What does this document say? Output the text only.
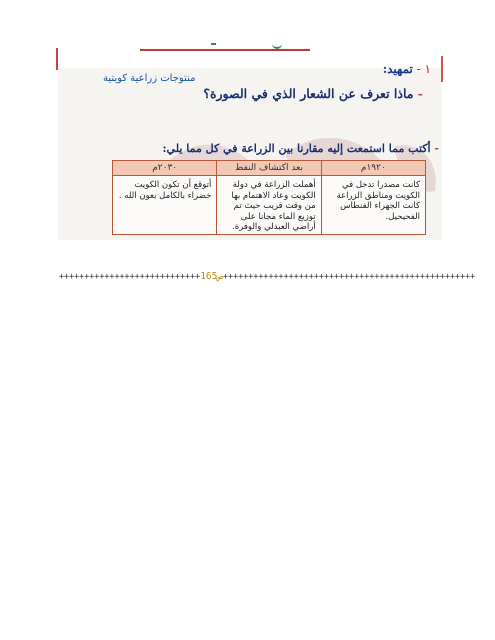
١ - تمهيد:
منتوجات زراعية كويتية
- ماذا تعرف عن الشعار الذي في الصورة؟
- أكتب مما استمعت إليه مقارنا بين الزراعة في كل مما يلي:
١٩٢٠م	بعد اكتشاف النفط	٢٠٣٠م

كانت مصدرا تدخل في الكويت ومناطق الزراعة كانت الجهراء الفنطاس الفحيحيل.	أهملت الزراعة في دولة الكويت وعاد الاهتمام بها من وقت قريب حيث تم توزيع الماء مجانا على أراضي العبدلي والوفرة.	أتوقع أن تكون الكويت خضراء بالكامل بعون الله .
++++++++++++++++++++++++++++ص165++++++++++++++++++++++++++++++++++++++++++++++++++
